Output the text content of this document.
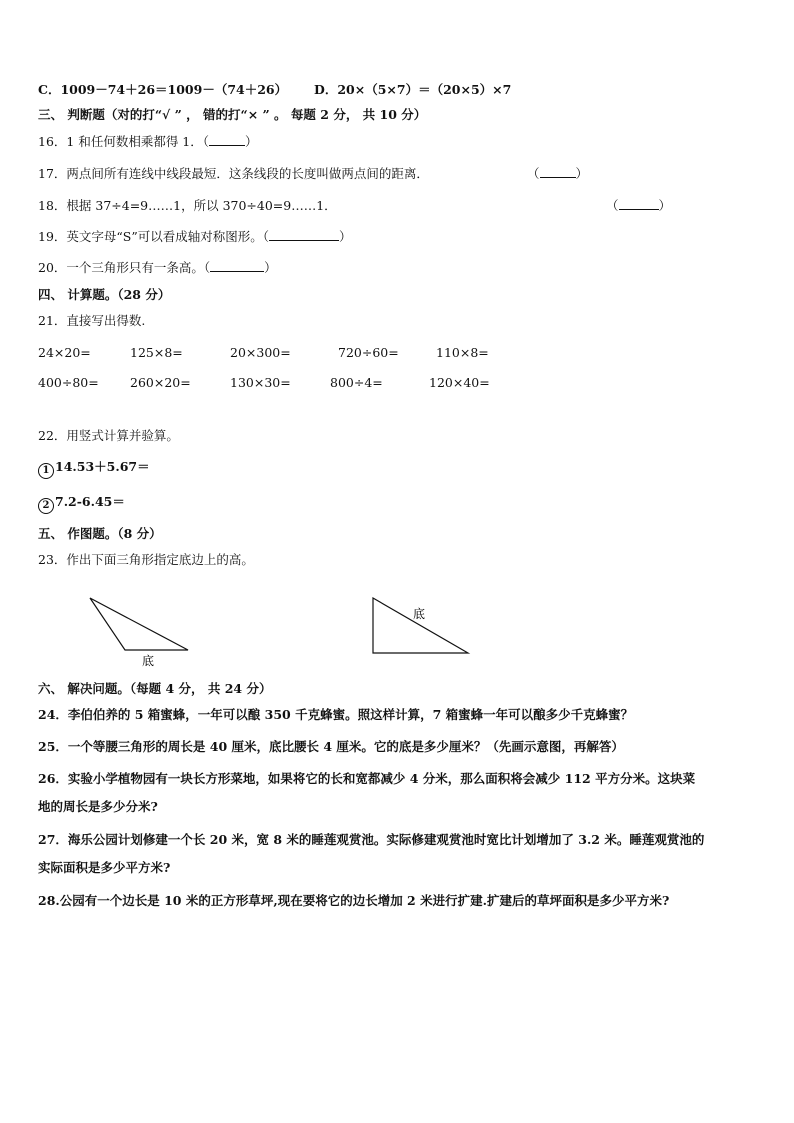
C．1009－74＋26＝1009－（74＋26） D．20×（5×7）＝（20×5）×7
三、 判断题（对的打“√ ” ， 错的打“× ” 。 每题 2 分， 共 10 分）
16．1 和任何数相乘都得 1．（	）
17．两点间所有连线中线段最短．这条线段的长度叫做两点间的距离．	（	）
18．根据 37÷4=9……1，所以 370÷40=9……1．	（	）
19．英文字母“S”可以看成轴对称图形。（	）
20．一个三角形只有一条高。（	）
四、 计算题。（28 分）
21．直接写出得数.
24×20=	125×8=	20×300=	720÷60=	110×8=
400÷80=	260×20=	130×30=	800÷4=	120×40=
22．用竖式计算并验算。
1 14.53＋5.67＝
2 7.2-6.45＝
五、 作图题。（8 分）
23．作出下面三角形指定底边上的高。
底
底
六、 解决问题。（每题 4 分， 共 24 分）
24．李伯伯养的 5 箱蜜蜂，一年可以酿 350 千克蜂蜜。照这样计算，7 箱蜜蜂一年可以酿多少千克蜂蜜？
25．一个等腰三角形的周长是 40 厘米，底比腰长 4 厘米。它的底是多少厘米？（先画示意图，再解答）
26．实验小学植物园有一块长方形菜地，如果将它的长和宽都减少 4 分米，那么面积将会减少 112 平方分米。这块菜
地的周长是多少分米?
27．海乐公园计划修建一个长 20 米，宽 8 米的睡莲观赏池。实际修建观赏池时宽比计划增加了 3.2 米。睡莲观赏池的
实际面积是多少平方米?
28.公园有一个边长是 10 米的正方形草坪,现在要将它的边长增加 2 米进行扩建.扩建后的草坪面积是多少平方米?
